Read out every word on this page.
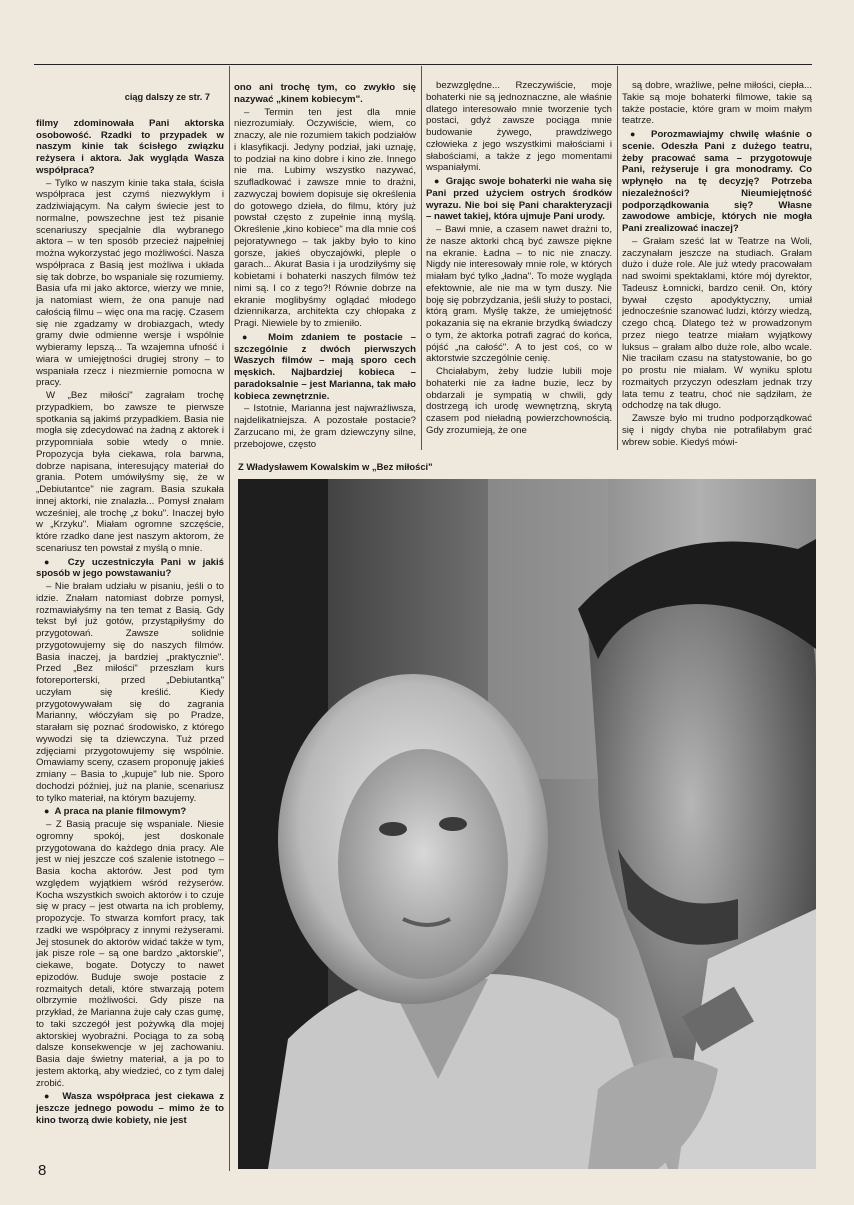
ciąg dalszy ze str. 7

filmy zdominowała Pani aktorska osobowość. Rzadki to przypadek w naszym kinie tak ścisłego związku reżysera i aktora. Jak wygląda Wasza współpraca?

– Tylko w naszym kinie taka stała, ścisła współpraca jest czymś niezwykłym i zadziwiającym. Na całym świecie jest to normalne, powszechne jest też pisanie scenariuszy specjalnie dla wybranego aktora – w ten sposób przecież najpełniej można wykorzystać jego możliwości. Nasza współpraca z Basią jest możliwa i układa się tak dobrze, bo wspaniale się rozumiemy. Basia ufa mi jako aktorce, wierzy we mnie, ja natomiast wiem, że ona panuje nad całością filmu – więc ona ma rację. Czasem się nie zgadzamy w drobiazgach, wtedy gramy dwie odmienne wersje i wspólnie wybieramy lepszą... Ta wzajemna ufność i wiara w umiejętności drugiej strony – to wspaniała rzecz i niezmiernie pomocna w pracy.

W „Bez miłości" zagrałam trochę przypadkiem, bo zawsze te pierwsze spotkania są jakimś przypadkiem. Basia nie mogła się zdecydować na żadną z aktorek i przypomniała sobie wtedy o mnie. Propozycja była ciekawa, rola barwna, dobrze napisana, interesujący materiał do grania. Potem umówiłyśmy się, że w „Debiutantce" nie zagram. Basia szukała innej aktorki, nie znalazła... Pomysł znałam wcześniej, ale trochę „z boku". Inaczej było w „Krzyku". Miałam ogromne szczęście, które rzadko dane jest naszym aktorom, że scenariusz ten powstał z myślą o mnie.

●  Czy uczestniczyła Pani w jakiś sposób w jego powstawaniu?

– Nie brałam udziału w pisaniu, jeśli o to idzie. Znałam natomiast dobrze pomysł, rozmawiałyśmy na ten temat z Basią. Gdy tekst był już gotów, przystąpiłyśmy do przygotowań. Zawsze solidnie przygotowujemy się do naszych filmów. Basia inaczej, ja bardziej „praktycznie". Przed „Bez miłości" przeszłam kurs fotoreporterski, przed „Debiutantką" uczyłam się kreślić. Kiedy przygotowywałam się do zagrania Marianny, włóczyłam się po Pradze, starałam się poznać środowisko, z którego wywodzi się ta dziewczyna. Tuż przed zdjęciami przygotowujemy się wspólnie. Omawiamy sceny, czasem proponuję jakieś zmiany – Basia to „kupuje" lub nie. Sporo dochodzi później, już na planie, scenariusz to tylko materiał, na którym bazujemy.

●  A praca na planie filmowym?

– Z Basią pracuje się wspaniale. Niesie ogromny spokój, jest doskonale przygotowana do każdego dnia pracy. Ale jest w niej jeszcze coś szalenie istotnego – Basia kocha aktorów. Jest pod tym względem wyjątkiem wśród reżyserów. Kocha wszystkich swoich aktorów i to czuje się w pracy – jest otwarta na ich problemy, propozycje. To stwarza komfort pracy, tak rzadki we współpracy z innymi reżyserami. Jej stosunek do aktorów widać także w tym, jak pisze role – są one bardzo „aktorskie", ciekawe, bogate. Dotyczy to nawet epizodów. Buduje swoje postacie z rozmaitych detali, które stwarzają potem olbrzymie możliwości. Gdy pisze na przykład, że Marianna żuje cały czas gumę, to taki szczegół jest pożywką dla mojej aktorskiej wyobraźni. Pociąga to za sobą dalsze konsekwencje w jej zachowaniu. Basia daje świetny materiał, a ja po to jestem aktorką, aby wiedzieć, co z tym dalej zrobić.

●  Wasza współpraca jest ciekawa z jeszcze jednego powodu – mimo że to kino tworzą dwie kobiety, nie jest

ono ani trochę tym, co zwykło się nazywać „kinem kobiecym".

– Termin ten jest dla mnie niezrozumiały. Oczywiście, wiem, co znaczy, ale nie rozumiem takich podziałów i klasyfikacji. Jedyny podział, jaki uznaję, to podział na kino dobre i kino złe. Innego nie ma. Lubimy wszystko nazywać, szufladkować i zawsze mnie to drażni, zazwyczaj bowiem dopisuje się określenia do gotowego dzieła, do filmu, który już powstał często z zupełnie inną myślą. Określenie „kino kobiece" ma dla mnie coś pejoratywnego – tak jakby było to kino gorsze, jakieś obyczajówki, pleple o garach... Akurat Basia i ja urodziłyśmy się kobietami i bohaterki naszych filmów też nimi są. I co z tego?! Równie dobrze na ekranie moglibyśmy oglądać młodego dziennikarza, architekta czy chłopaka z Pragi. Niewiele by to zmieniło.

●  Moim zdaniem te postacie – szczególnie z dwóch pierwszych Waszych filmów – mają sporo cech męskich. Najbardziej kobieca – paradoksalnie – jest Marianna, tak mało kobieca zewnętrznie.

– Istotnie, Marianna jest najwrażliwsza, najdelikatniejsza. A pozostałe postacie? Zarzucano mi, że gram dziewczyny silne, przebojowe, często

bezwzględne... Rzeczywiście, moje bohaterki nie są jednoznaczne, ale właśnie dlatego interesowało mnie tworzenie tych postaci, gdyż zawsze pociąga mnie budowanie żywego, prawdziwego człowieka z jego wszystkimi małościami i słabościami, a także z jego momentami wspaniałymi.

●  Grając swoje bohaterki nie waha się Pani przed użyciem ostrych środków wyrazu. Nie boi się Pani charakteryzacji – nawet takiej, która ujmuje Pani urody.

– Bawi mnie, a czasem nawet drażni to, że nasze aktorki chcą być zawsze piękne na ekranie. Ładna – to nic nie znaczy. Nigdy nie interesowały mnie role, w których miałam być tylko „ładna". To może wygląda efektownie, ale nie ma w tym duszy. Nie boję się pobrzydzania, jeśli służy to postaci, którą gram. Myślę także, że umiejętność pokazania się na ekranie brzydką świadczy o tym, że aktorka potrafi zagrać do końca, pójść „na całość". A to jest coś, co w aktorstwie szczególnie cenię.

Chciałabym, żeby ludzie lubili moje bohaterki nie za ładne buzie, lecz by obdarzali je sympatią w chwili, gdy dostrzegą ich urodę wewnętrzną, skrytą czasem pod nieładną powierzchownością. Gdy zrozumieją, że one

są dobre, wrażliwe, pełne miłości, ciepła... Takie są moje bohaterki filmowe, takie są także postacie, które gram w moim małym teatrze.

●  Porozmawiajmy chwilę właśnie o scenie. Odeszła Pani z dużego teatru, żeby pracować sama – przygotowuje Pani, reżyseruje i gra monodramy. Co wpłynęło na tę decyzję? Potrzeba niezależności? Nieumiejętność podporządkowania się? Własne zawodowe ambicje, których nie mogła Pani zrealizować inaczej?

– Grałam sześć lat w Teatrze na Woli, zaczynałam jeszcze na studiach. Grałam dużo i duże role. Ale już wtedy pracowałam nad swoimi spektaklami, które mój dyrektor, Tadeusz Łomnicki, bardzo cenił. On, który bywał często apodyktyczny, umiał jednocześnie szanować ludzi, którzy wiedzą, czego chcą. Dlatego też w prowadzonym przez niego teatrze miałam wyjątkowy luksus – grałam albo duże role, albo wcale. Nie traciłam czasu na statystowanie, bo go po prostu nie miałam. W wyniku splotu rozmaitych przyczyn odeszłam jednak trzy lata temu z teatru, choć nie sądziłam, że odchodzę na tak długo.

Zawsze było mi trudno podporządkować się i nigdy chyba nie potrafiłabym grać wbrew sobie. Kiedyś mówi-

Z Władysławem Kowalskim w „Bez miłości"
8
